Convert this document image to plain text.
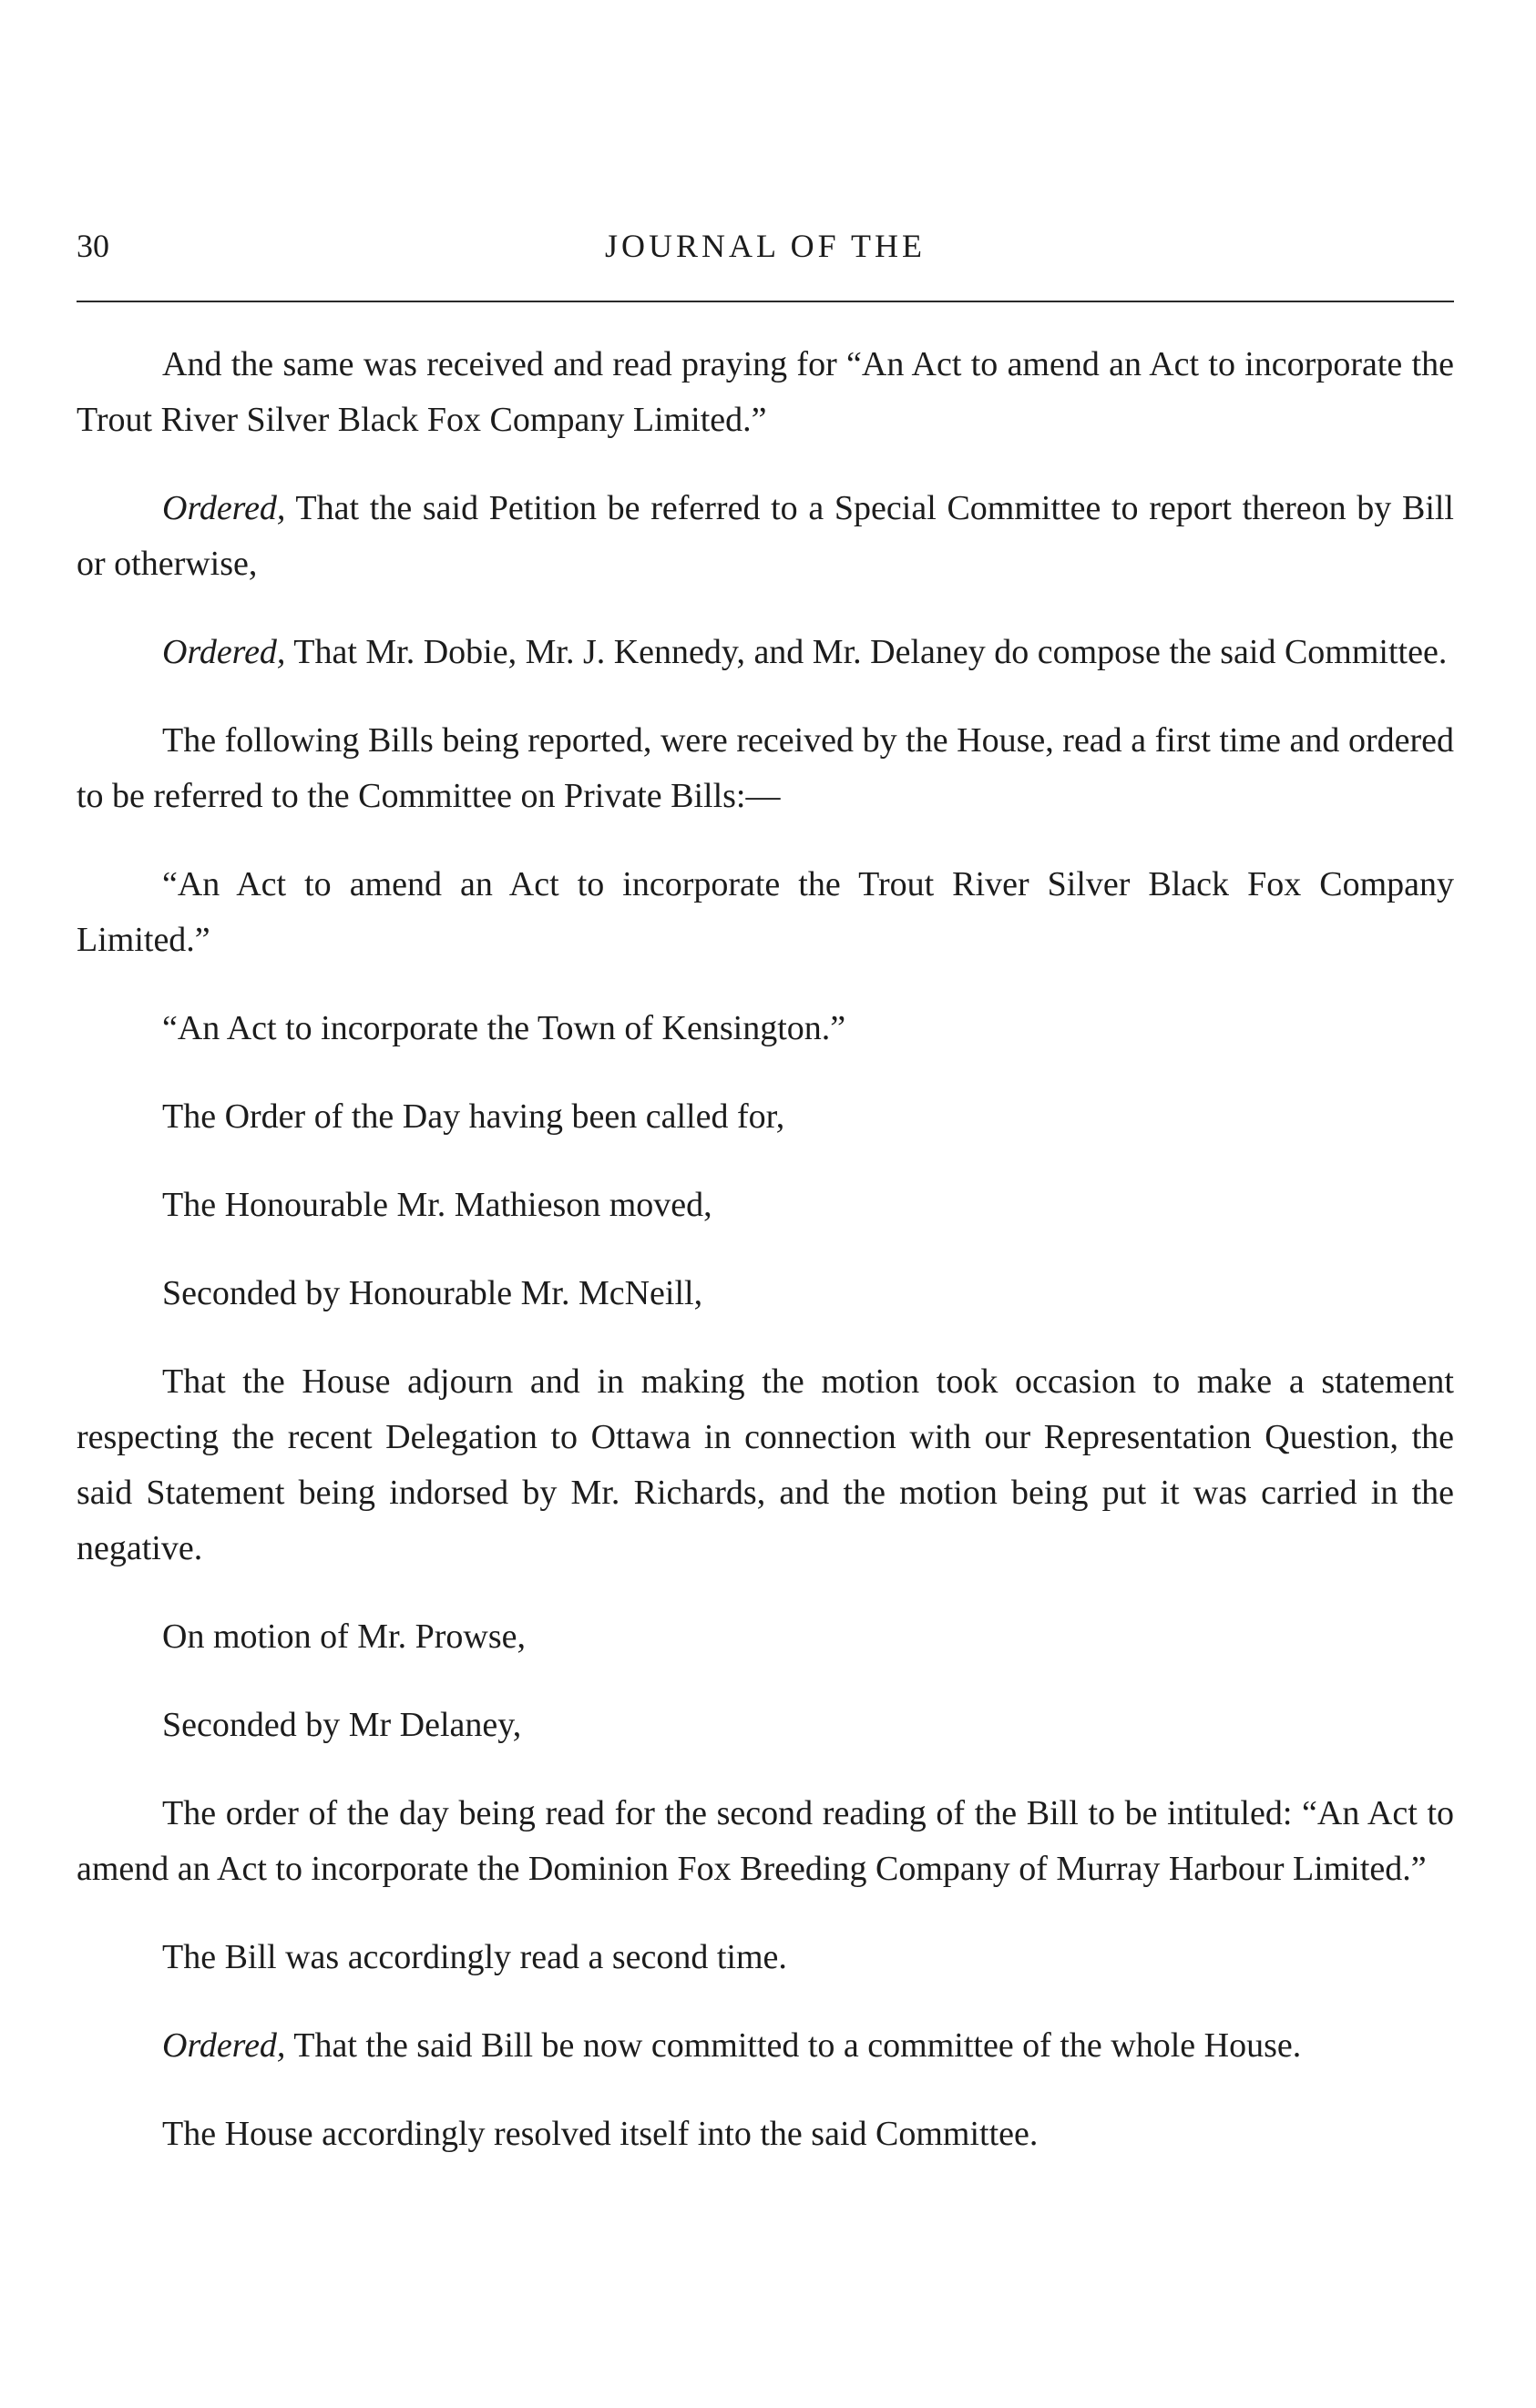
30	JOURNAL OF THE

And the same was received and read praying for “An Act to amend an Act to incorporate the Trout River Silver Black Fox Company Limited.”

Ordered, That the said Petition be referred to a Special Committee to report thereon by Bill or otherwise,

Ordered, That Mr. Dobie, Mr. J. Kennedy, and Mr. Delaney do compose the said Committee.

The following Bills being reported, were received by the House, read a first time and ordered to be referred to the Committee on Private Bills:—

“An Act to amend an Act to incorporate the Trout River Silver Black Fox Company Limited.”

“An Act to incorporate the Town of Kensington.”

The Order of the Day having been called for,

The Honourable Mr. Mathieson moved,

Seconded by Honourable Mr. McNeill,

That the House adjourn and in making the motion took occasion to make a statement respecting the recent Delegation to Ottawa in connection with our Representation Question, the said Statement being indorsed by Mr. Richards, and the motion being put it was carried in the negative.

On motion of Mr. Prowse,

Seconded by Mr Delaney,

The order of the day being read for the second reading of the Bill to be intituled: “An Act to amend an Act to incorporate the Dominion Fox Breeding Company of Murray Harbour Limited.”

The Bill was accordingly read a second time.

Ordered, That the said Bill be now committed to a committee of the whole House.

The House accordingly resolved itself into the said Committee.
